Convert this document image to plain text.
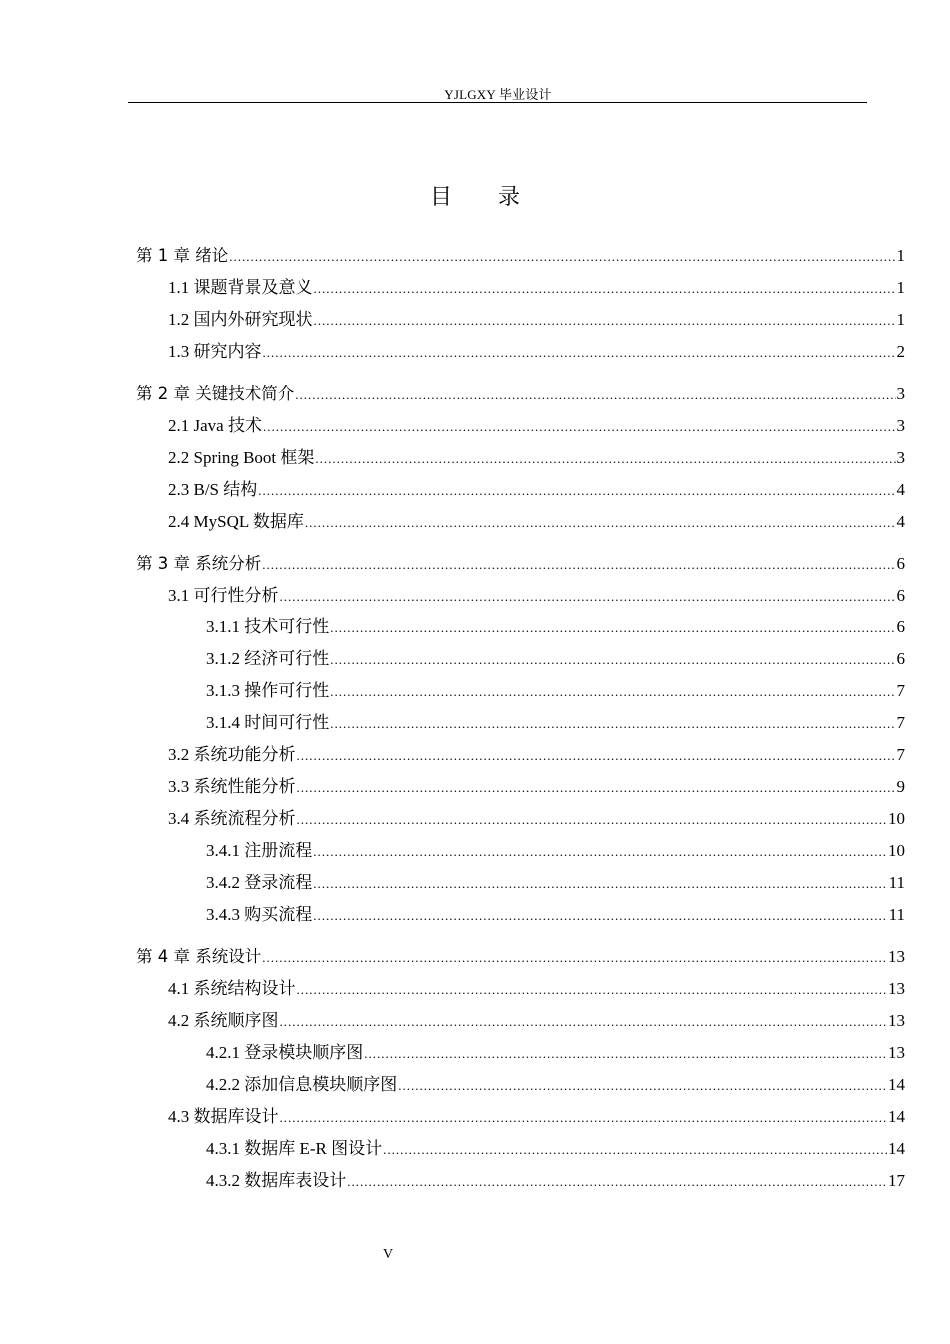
YJLGXY 毕业设计
目 录
第 1 章 绪论 .....	1
1.1 课题背景及意义 .....	1
1.2 国内外研究现状 .....	1
1.3 研究内容 .....	2
第 2 章 关键技术简介 .....	3
2.1 Java 技术 .....	3
2.2 Spring Boot 框架 .....	3
2.3 B/S 结构 .....	4
2.4 MySQL 数据库 .....	4
第 3 章 系统分析 .....	6
3.1 可行性分析 .....	6
3.1.1 技术可行性 .....	6
3.1.2 经济可行性 .....	6
3.1.3 操作可行性 .....	7
3.1.4 时间可行性 .....	7
3.2 系统功能分析 .....	7
3.3 系统性能分析 .....	9
3.4 系统流程分析 .....	10
3.4.1 注册流程 .....	10
3.4.2 登录流程 .....	11
3.4.3 购买流程 .....	11
第 4 章 系统设计 .....	13
4.1 系统结构设计 .....	13
4.2 系统顺序图 .....	13
4.2.1 登录模块顺序图 .....	13
4.2.2 添加信息模块顺序图 .....	14
4.3 数据库设计 .....	14
4.3.1 数据库 E-R 图设计 .....	14
4.3.2 数据库表设计 .....	17
V
